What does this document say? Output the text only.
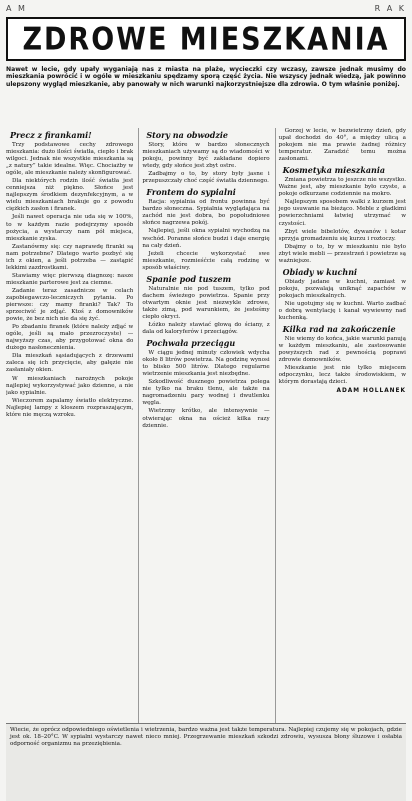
A M	R A K
ZDROWE MIESZKANIA
Nawet w lecie, gdy upały wyganiają nas z miasta na plaże, wycieczki czy wczasy, zawsze jednak musimy do mieszkania powrócić i w ogóle w mieszkaniu spędzamy sporą część życia. Nie wszyscy jednak wiedzą, jak powinno ulepszony wygląd mieszkanie, aby panowały w nich warunki najkorzystniejsze dla zdrowia. O tym właśnie poniżej.
Precz z firankami!

Trzy podstawowe cechy zdrowego mieszkania: dużo ilości światła, ciepło i brak wilgoci. Jednak nie wszystkie mieszkania są „z natury” takie idealne. Więc. Chociażby w ogóle, ale mieszkanie należy skonfigurować.

Dla niektórych rodzin ilość światła jest cenniejsza niż piękno. Słońce jest najlepszym środkiem dezynfekcyjnym, a w wielu mieszkaniach brakuje go z powodu ciężkich zasłon i firanek.

Jeśli nawet operacja nie uda się w 100%, to w każdym razie podejrzymy sposób pożycia, a wystarczy nam pół miejsca, mieszkanie zyska.

Zastanówmy się: czy naprawdę firanki są nam potrzebne? Dlatego warto pozbyć się ich z okien, a jeśli potrzeba — zastąpić lekkimi zazdrostkami.

Stawiamy więc pierwszą diagnozę: nasze mieszkanie parterowe jest za ciemne.

Zadanie teraz zasadnicze w celach zapobiegawczo-leczniczych pytania. Po pierwsze: czy mamy firanki? Tak? To sprzeciwić je zdjąć. Ktoś z domowników powie, że bez nich nie da się żyć.

Po zbadaniu firanek (które należy zdjąć w ogóle, jeśli są mało przezroczyste) — najwyższy czas, aby przygotować okna do dużego nasłonecznienia.

Dla mieszkań sąsiadujących z drzewami zaleca się ich przycięcie, aby gałęzie nie zasłaniały okien.

W mieszkaniach narożnych pokoje najlepiej wykorzystywać jako dzienne, a nie jako sypialnie.

Wieczorem zapalamy światło elektryczne. Najlepiej lampy z kloszem rozpraszającym, które nie męczą wzroku.

Story na obwodzie

Story, które w bardzo słonecznych mieszkaniach używamy są do wiadomości w pokoju, powinny być zakładane dopiero wtedy, gdy słońce jest zbyt ostre.

Zadbajmy o to, by story były jasne i przepuszczały choć część światła dziennego.

Frontem do sypialni

Racja: sypialnia od frontu powinna być bardzo słoneczna. Sypialnia wyglądająca na zachód nie jest dobra, bo popołudniowe słońce nagrzewa pokój.

Najlepiej, jeśli okna sypialni wychodzą na wschód. Poranne słońce budzi i daje energię na cały dzień.

Jeżeli chcecie wykorzystać swe mieszkanie, rozmieśćcie całą rodzinę w sposób właściwy.

Spanie pod tuszem

Naturalnie nie pod tuszem, tylko pod dachem świeżego powietrza. Spanie przy otwartym oknie jest niezwykle zdrowe, także zimą, pod warunkiem, że jesteśmy ciepło okryci.

Łóżko należy stawiać głową do ściany, z dala od kaloryferów i przeciągów.

Pochwała przeciągu

W ciągu jednej minuty człowiek wdycha około 8 litrów powietrza. Na godzinę wynosi to blisko 500 litrów. Dlatego regularne wietrzenie mieszkania jest niezbędne.

Szkodliwość dusznego powietrza polega nie tylko na braku tlenu, ale także na nagromadzeniu pary wodnej i dwutlenku węgla.

Wietrzmy krótko, ale intensywnie — otwierając okna na oścież kilka razy dziennie.

Gorzej w lecie, w bezwietrzny dzień, gdy upał dochodzi do 40°, a między ulicą a pokojem nie ma prawie żadnej różnicy temperatur. Zaradzić temu można zasłonami.

Kosmetyka mieszkania

Zmiana powietrza to jeszcze nie wszystko. Ważne jest, aby mieszkanie było czyste, a pokoje odkurzane codziennie na mokro.

Najlepszym sposobem walki z kurzem jest jego usuwanie na bieżąco. Meble z gładkimi powierzchniami łatwiej utrzymać w czystości.

Zbyt wiele bibelotów, dywanów i kotar sprzyja gromadzeniu się kurzu i roztoczy.

Dbajmy o to, by w mieszkaniu nie było zbyt wiele mebli — przestrzeń i powietrze są ważniejsze.

Obiady w kuchni

Obiady jadane w kuchni, zamiast w pokoju, pozwalają uniknąć zapachów w pokojach mieszkalnych.

Nie ugotujmy się w kuchni. Warto zadbać o dobrą wentylację i kanał wywiewny nad kuchenką.

Kilka rad na zakończenie

Nie wiemy do końca, jakie warunki panują w każdym mieszkaniu, ale zastosowanie powyższych rad z pewnością poprawi zdrowie domowników.

Mieszkanie jest nie tylko miejscem odpoczynku, lecz także środowiskiem, w którym dorastają dzieci.

ADAM HOLLANEK
Wiecie, że oprócz odpowiedniego oświetlenia i wietrzenia, bardzo ważna jest także temperatura. Najlepiej czujemy się w pokojach, gdzie jest ok. 18–20°C. W sypialni wystarczy nawet nieco mniej. Przegrzewanie mieszkań szkodzi zdrowiu, wysusza błony śluzowe i osłabia odporność organizmu na przeziębienia.
